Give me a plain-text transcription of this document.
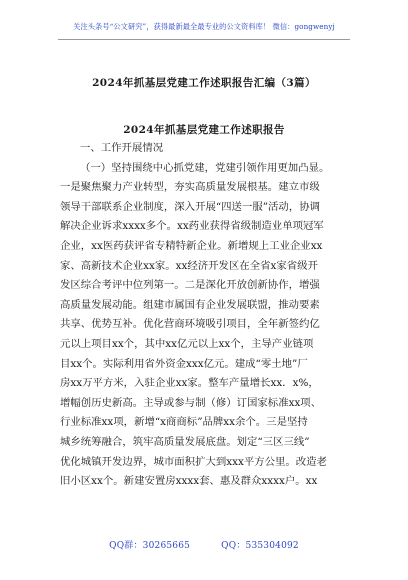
关注头条号“公文研究”，获得最新最全最专业的公文资料库！ 微信：gongwenyj
2024年抓基层党建工作述职报告汇编（3篇）
2024年抓基层党建工作述职报告
一、工作开展情况
（一）坚持围绕中心抓党建，党建引领作用更加凸显。
一是聚焦聚力产业转型，夯实高质量发展根基。建立市级
领导干部联系企业制度，深入开展“四送一服”活动，协调
解决企业诉求xxxx多个。xx药业获得省级制造业单项冠军
企业，xx医药获评省专精特新企业。新增规上工业企业xx
家、高新技术企业xx家。xx经济开发区在全省x家省级开
发区综合考评中位列第一。二是深化开放创新协作，增强
高质量发展动能。组建市属国有企业发展联盟，推动要素
共享、优势互补。优化营商环境吸引项目，全年新签约亿
元以上项目xx个，其中xx亿元以上xx个，主导产业链项
目xx个。实际利用省外资金xxx亿元。建成“零土地”厂
房xx万平方米，入驻企业xx家。整车产量增长xx．x%，
增幅创历史新高。主导或参与制（修）订国家标准xx项、
行业标准xx项，新增“x商商标”品牌xx余个。三是坚持
城乡统筹融合，筑牢高质量发展底盘。划定“三区三线”
优化城镇开发边界，城市面积扩大到xxx平方公里。改造老
旧小区xx个。新建安置房xxxx套、惠及群众xxxx户。xx
QQ群：30265665	QQ：535304092
